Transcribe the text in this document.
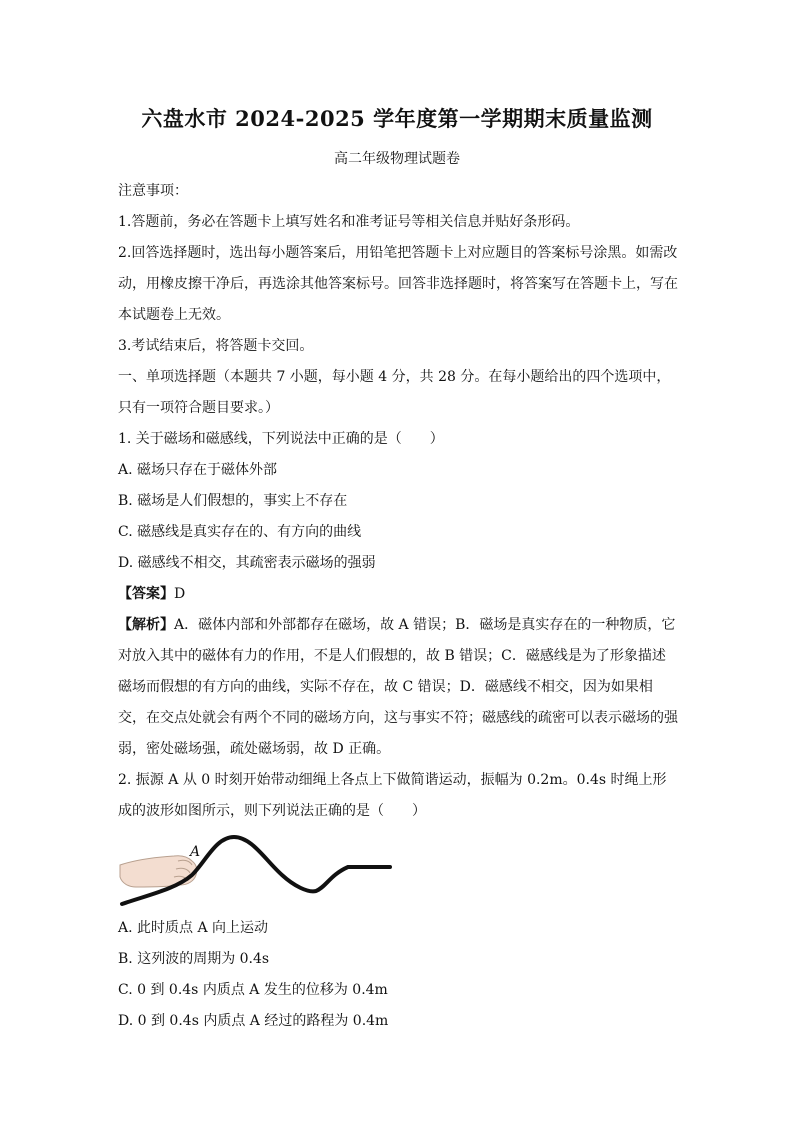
六盘水市 2024-2025 学年度第一学期期末质量监测
高二年级物理试题卷

注意事项：

1.答题前，务必在答题卡上填写姓名和准考证号等相关信息并贴好条形码。

2.回答选择题时，选出每小题答案后，用铅笔把答题卡上对应题目的答案标号涂黑。如需改动，用橡皮擦干净后，再选涂其他答案标号。回答非选择题时，将答案写在答题卡上，写在本试题卷上无效。

3.考试结束后，将答题卡交回。

一、单项选择题（本题共 7 小题，每小题 4 分，共 28 分。在每小题给出的四个选项中，只有一项符合题目要求。）

1. 关于磁场和磁感线，下列说法中正确的是（　　）

A. 磁场只存在于磁体外部

B. 磁场是人们假想的，事实上不存在

C. 磁感线是真实存在的、有方向的曲线

D. 磁感线不相交，其疏密表示磁场的强弱

【答案】D

【解析】A．磁体内部和外部都存在磁场，故 A 错误；B．磁场是真实存在的一种物质，它对放入其中的磁体有力的作用，不是人们假想的，故 B 错误；C．磁感线是为了形象描述磁场而假想的有方向的曲线，实际不存在，故 C 错误；D．磁感线不相交，因为如果相交，在交点处就会有两个不同的磁场方向，这与事实不符；磁感线的疏密可以表示磁场的强弱，密处磁场强，疏处磁场弱，故 D 正确。

2. 振源 A 从 0 时刻开始带动细绳上各点上下做简谐运动，振幅为 0.2m。0.4s 时绳上形成的波形如图所示，则下列说法正确的是（　　）

A

A. 此时质点 A 向上运动

B. 这列波的周期为 0.4s

C. 0 到 0.4s 内质点 A 发生的位移为 0.4m

D. 0 到 0.4s 内质点 A 经过的路程为 0.4m
